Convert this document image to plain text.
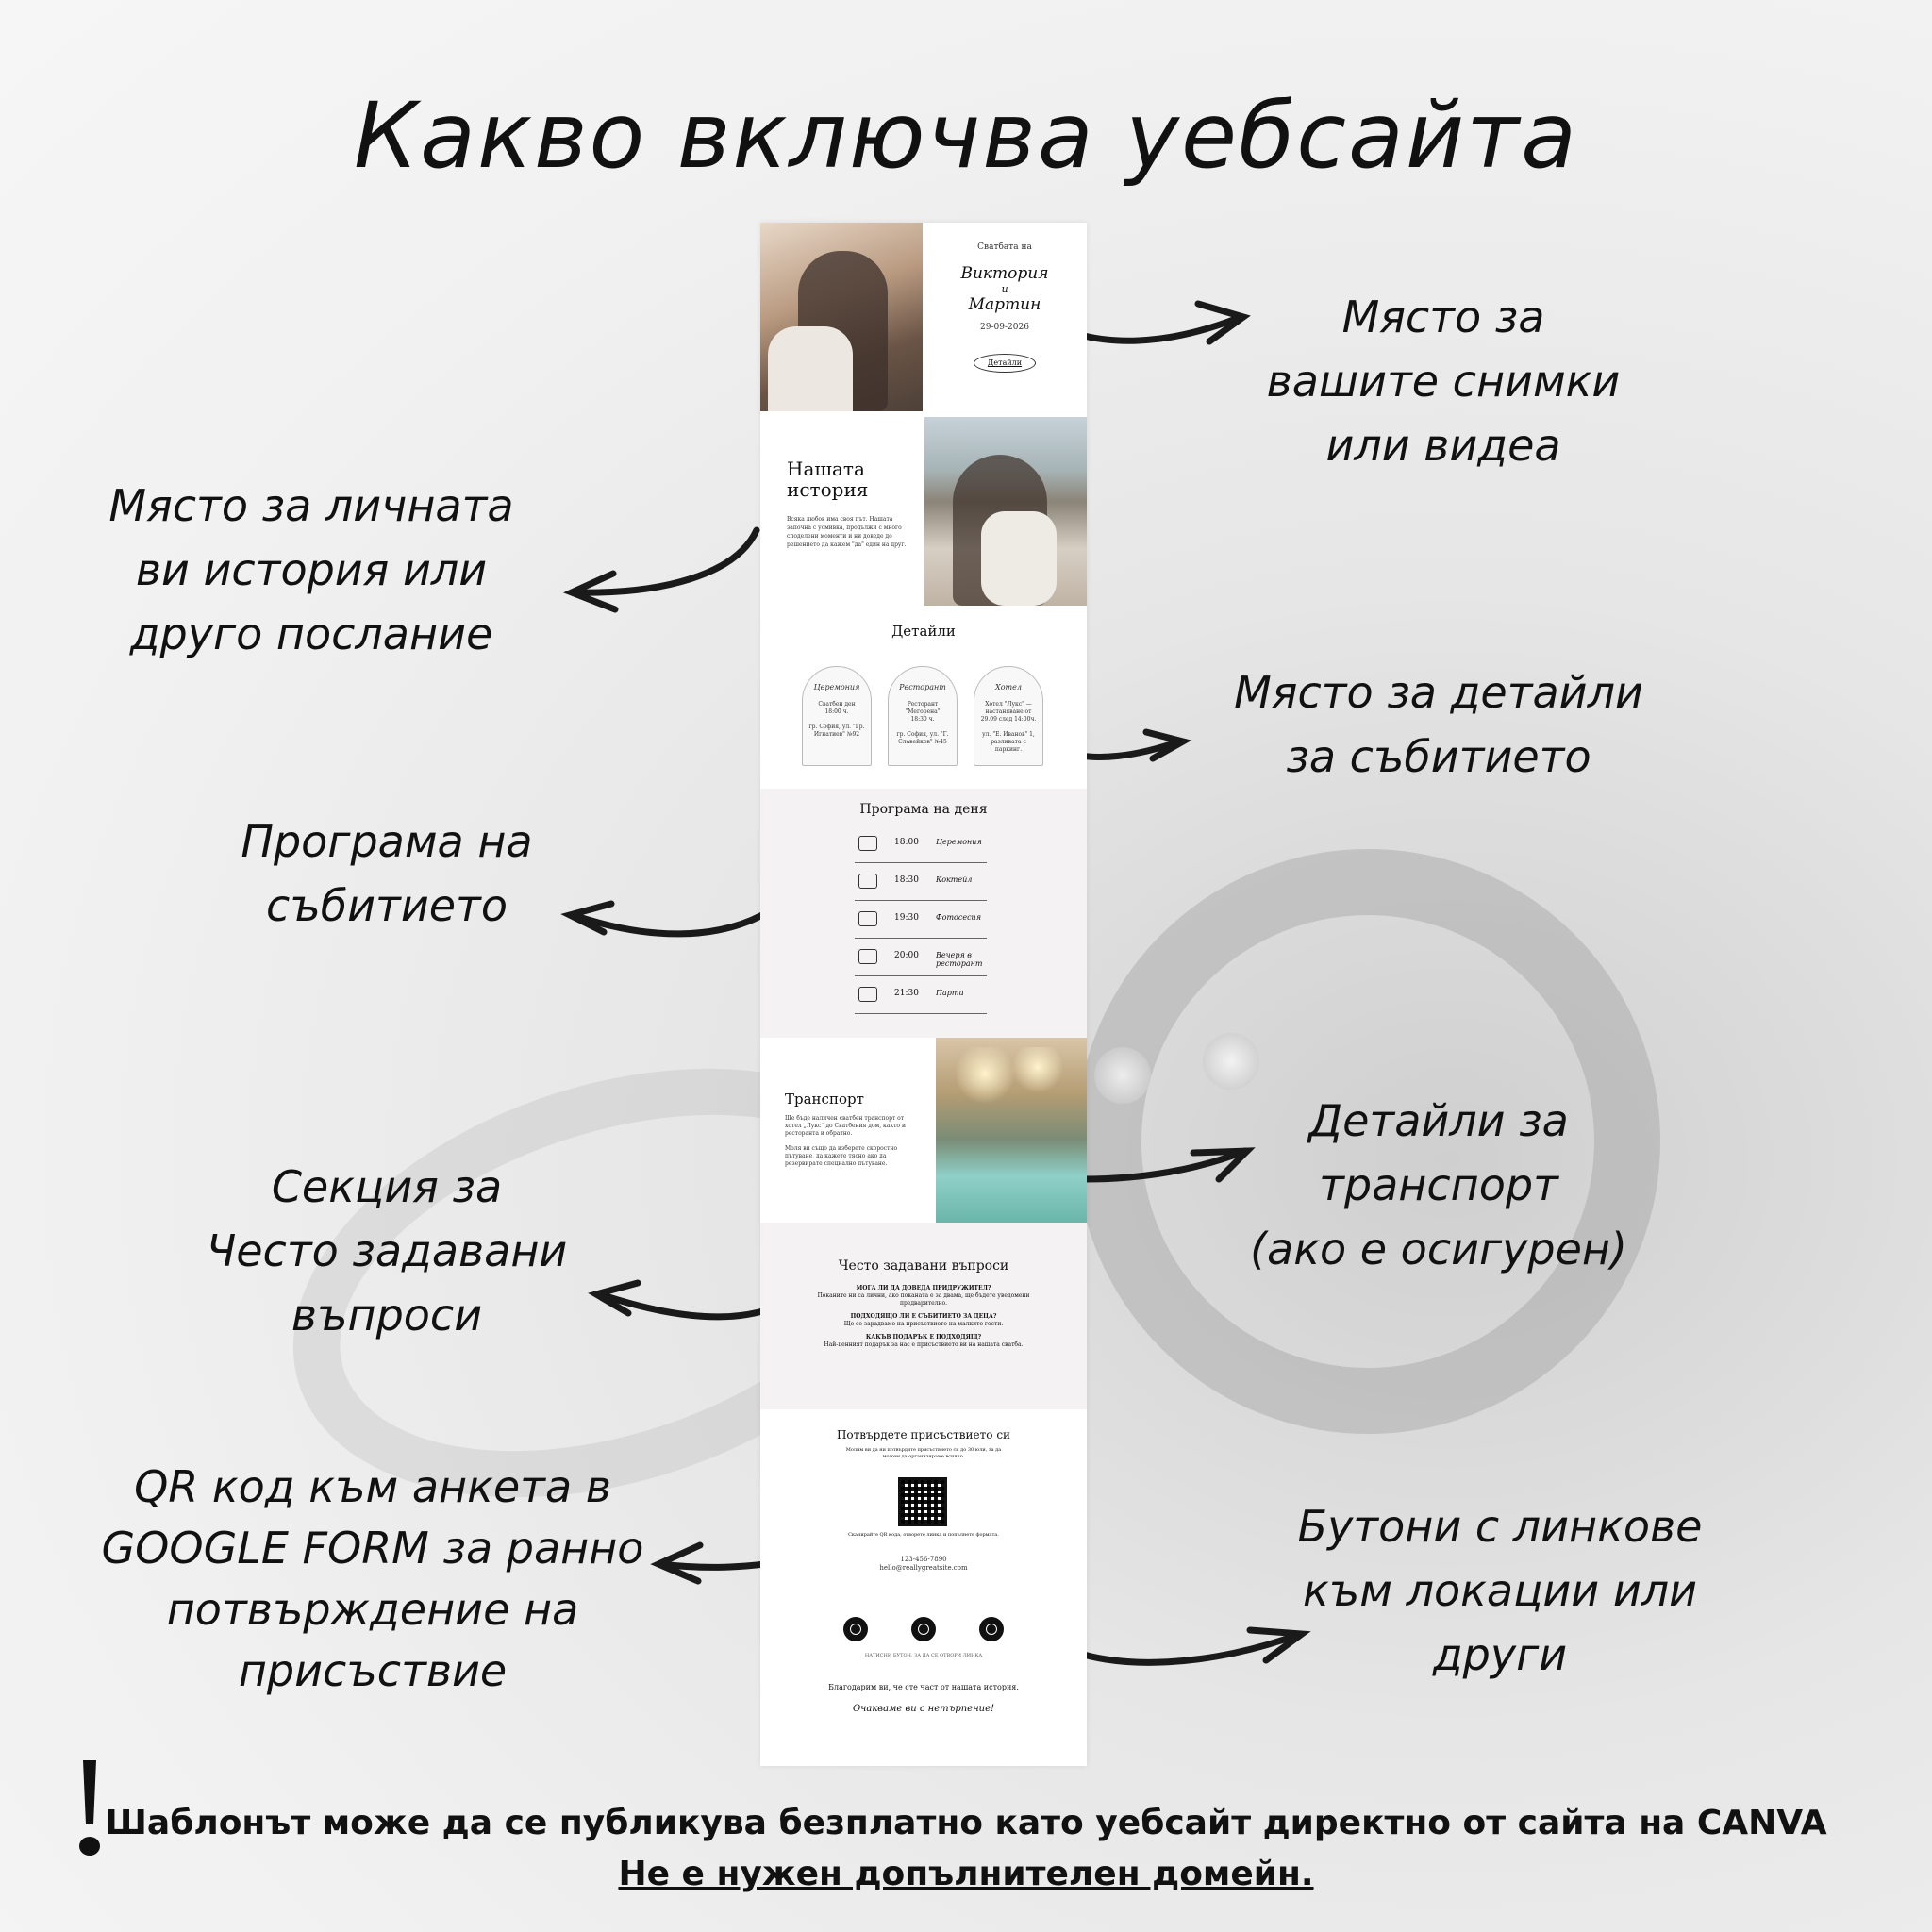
Какво включва уебсайта
Място за
вашите снимки
или видеа
Място за личната
ви история или
друго послание
Място за детайли
за събитието
Програма на
събитието
Детайли за
транспорт
(ако е осигурен)
Секция за
Често задавани
въпроси
QR код към анкета в
GOOGLE FORM за ранно
потвърждение на
присъствие
Бутони с линкове
към локации или
други
Сватбата на
Виктория
и
Мартин
29-09-2026
Детайли
Нашата
история
Всяка любов има своя път. Нашата започна с усмивка, продължи с много споделени моменти и ни доведе до решението да кажем "да" един на друг.
Детайли
Церемония
Сватбен ден
18:00 ч.
гр. София, ул. "Гр. Игнатиев" №92
Ресторант
Ресторант "Мегорена"
18:30 ч.
гр. София, ул. "Г. Славейков" №45
Хотел
Хотел "Лукс" — настаняване от 29.09 след 14:00ч.
ул. "Е. Иванов" 1, разливата с паркинг.
Програма на деня
18:00 Церемония
18:30 Коктейл
19:30 Фотосесия
20:00 Вечеря в ресторант
21:30 Парти
Транспорт
Ще бъде наличен сватбен транспорт от хотел „Лукс“ до Сватбения дом, както и ресторанта и обратно.
Моля ви също да изберете скоростно пътуване, да кажете тясно ако да резервирате специално пътуване.
Често задавани въпроси
МОГА ЛИ ДА ДОВЕДА ПРИДРУЖИТЕЛ?
Поканите ни са лични, ако поканата е за двама, ще бъдете уведомени предварително.
ПОДХОДЯЩО ЛИ Е СЪБИТИЕТО ЗА ДЕЦА?
Ще се зарадваме на присъствието на малките гости.
КАКЪВ ПОДАРЪК Е ПОДХОДЯЩ?
Най-ценният подарък за нас е присъствието ви на нашата сватба.
Потвърдете присъствието си
Молим ви да ни потвърдите присъствието си до 30 юли, за да можем да организираме всичко.
Сканирайте QR кода, отворете линка и попълнете формата.
123-456-7890
hello@reallygreatsite.com
НАТИСНИ БУТОН, ЗА ДА СЕ ОТВОРИ ЛИНКА
Благодарим ви, че сте част от нашата история.
Очакваме ви с нетърпение!
Шаблонът може да се публикува безплатно като уебсайт директно от сайта на CANVA
Не е нужен допълнителен домейн.
